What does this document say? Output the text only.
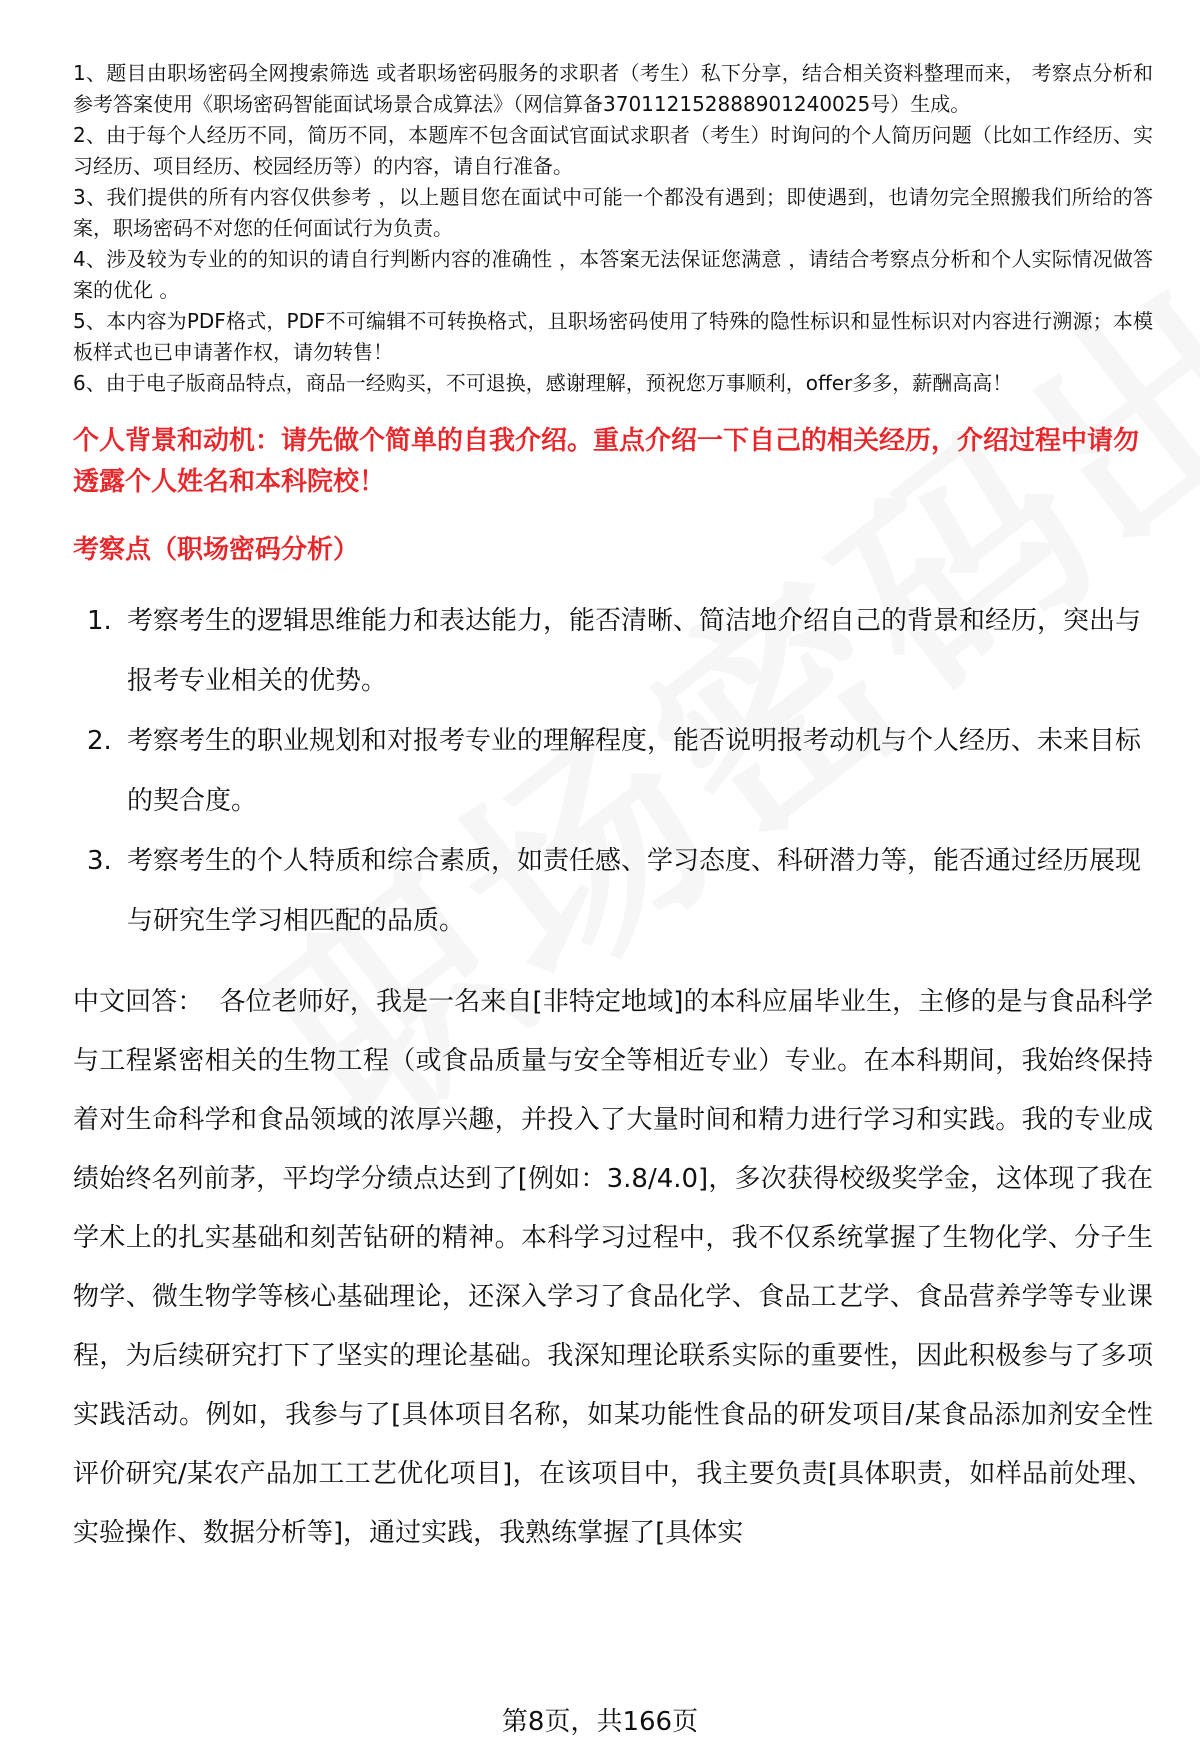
1、题目由职场密码全网搜索筛选 或者职场密码服务的求职者（考生）私下分享，结合相关资料整理而来， 考察点分析和参考答案使用《职场密码智能面试场景合成算法》（网信算备370112152888901240025号）生成。

2、由于每个人经历不同，简历不同，本题库不包含面试官面试求职者（考生）时询问的个人简历问题（比如工作经历、实习经历、项目经历、校园经历等）的内容，请自行准备。

3、我们提供的所有内容仅供参考 ，以上题目您在面试中可能一个都没有遇到；即使遇到，也请勿完全照搬我们所给的答案，职场密码不对您的任何面试行为负责。

4、涉及较为专业的的知识的请自行判断内容的准确性 ，本答案无法保证您满意 ，请结合考察点分析和个人实际情况做答案的优化 。

5、本内容为PDF格式，PDF不可编辑不可转换格式，且职场密码使用了特殊的隐性标识和显性标识对内容进行溯源；本模板样式也已申请著作权，请勿转售！

6、由于电子版商品特点，商品一经购买，不可退换，感谢理解，预祝您万事顺利，offer多多，薪酬高高！

个人背景和动机：请先做个简单的自我介绍。重点介绍一下自己的相关经历，介绍过程中请勿透露个人姓名和本科院校！

考察点（职场密码分析）

1. 考察考生的逻辑思维能力和表达能力，能否清晰、简洁地介绍自己的背景和经历，突出与报考专业相关的优势。
2. 考察考生的职业规划和对报考专业的理解程度，能否说明报考动机与个人经历、未来目标的契合度。
3. 考察考生的个人特质和综合素质，如责任感、学习态度、科研潜力等，能否通过经历展现与研究生学习相匹配的品质。

中文回答： 各位老师好，我是一名来自[非特定地域]的本科应届毕业生，主修的是与食品科学与工程紧密相关的生物工程（或食品质量与安全等相近专业）专业。在本科期间，我始终保持着对生命科学和食品领域的浓厚兴趣，并投入了大量时间和精力进行学习和实践。我的专业成绩始终名列前茅，平均学分绩点达到了[例如：3.8/4.0]，多次获得校级奖学金，这体现了我在学术上的扎实基础和刻苦钻研的精神。本科学习过程中，我不仅系统掌握了生物化学、分子生物学、微生物学等核心基础理论，还深入学习了食品化学、食品工艺学、食品营养学等专业课程，为后续研究打下了坚实的理论基础。我深知理论联系实际的重要性，因此积极参与了多项实践活动。例如，我参与了[具体项目名称，如某功能性食品的研发项目/某食品添加剂安全性评价研究/某农产品加工工艺优化项目]，在该项目中，我主要负责[具体职责，如样品前处理、实验操作、数据分析等]，通过实践，我熟练掌握了[具体实

第8页，共166页
